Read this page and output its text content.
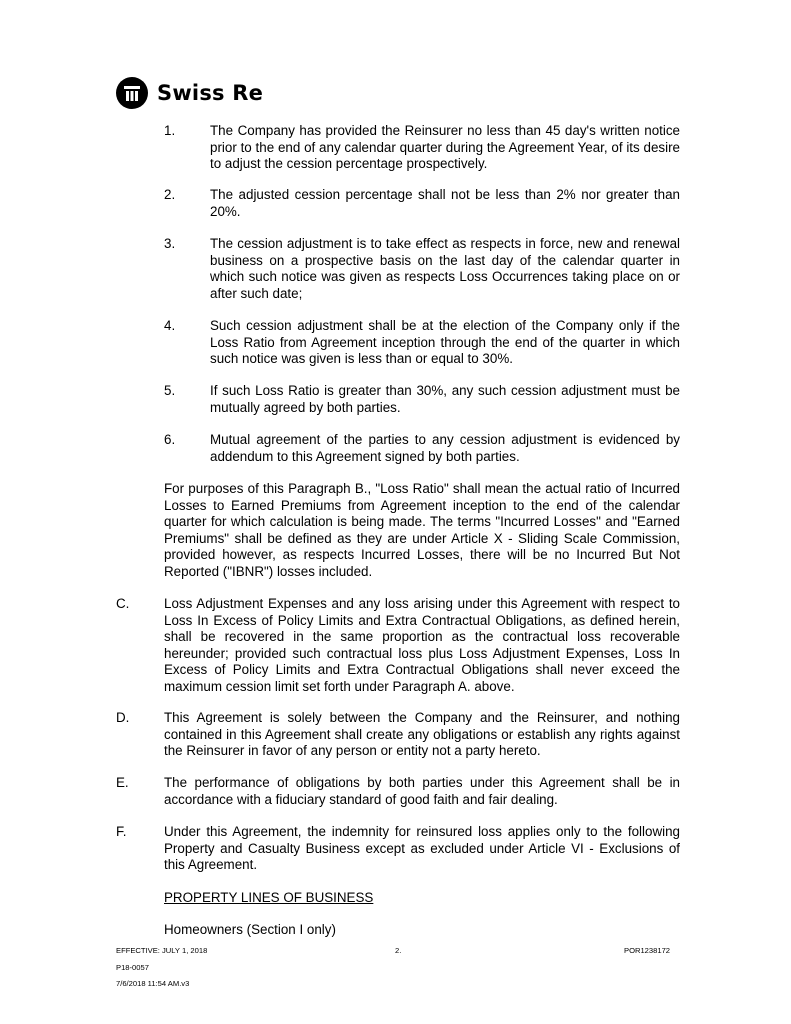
Swiss Re
1.	The Company has provided the Reinsurer no less than 45 day's written notice prior to the end of any calendar quarter during the Agreement Year, of its desire to adjust the cession percentage prospectively.
2.	The adjusted cession percentage shall not be less than 2% nor greater than 20%.
3.	The cession adjustment is to take effect as respects in force, new and renewal business on a prospective basis on the last day of the calendar quarter in which such notice was given as respects Loss Occurrences taking place on or after such date;
4.	Such cession adjustment shall be at the election of the Company only if the Loss Ratio from Agreement inception through the end of the quarter in which such notice was given is less than or equal to 30%.
5.	If such Loss Ratio is greater than 30%, any such cession adjustment must be mutually agreed by both parties.
6.	Mutual agreement of the parties to any cession adjustment is evidenced by addendum to this Agreement signed by both parties.
For purposes of this Paragraph B., "Loss Ratio" shall mean the actual ratio of Incurred Losses to Earned Premiums from Agreement inception to the end of the calendar quarter for which calculation is being made. The terms "Incurred Losses" and "Earned Premiums" shall be defined as they are under Article X - Sliding Scale Commission, provided however, as respects Incurred Losses, there will be no Incurred But Not Reported ("IBNR") losses included.
C.	Loss Adjustment Expenses and any loss arising under this Agreement with respect to Loss In Excess of Policy Limits and Extra Contractual Obligations, as defined herein, shall be recovered in the same proportion as the contractual loss recoverable hereunder; provided such contractual loss plus Loss Adjustment Expenses, Loss In Excess of Policy Limits and Extra Contractual Obligations shall never exceed the maximum cession limit set forth under Paragraph A. above.
D.	This Agreement is solely between the Company and the Reinsurer, and nothing contained in this Agreement shall create any obligations or establish any rights against the Reinsurer in favor of any person or entity not a party hereto.
E.	The performance of obligations by both parties under this Agreement shall be in accordance with a fiduciary standard of good faith and fair dealing.
F.	Under this Agreement, the indemnity for reinsured loss applies only to the following Property and Casualty Business except as excluded under Article VI - Exclusions of this Agreement.
PROPERTY LINES OF BUSINESS
Homeowners (Section I only)
EFFECTIVE: JULY 1, 2018	2.	POR1238172
P18-0057
7/6/2018 11:54 AM.v3
